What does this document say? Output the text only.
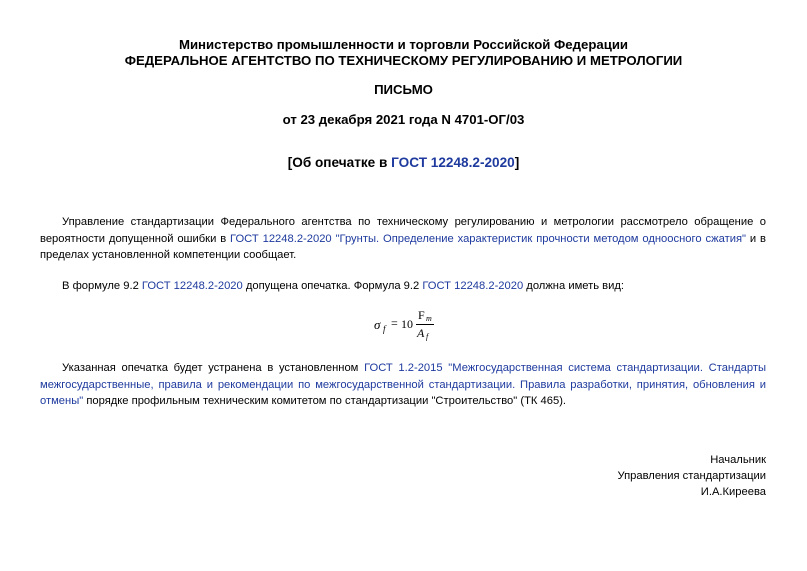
Министерство промышленности и торговли Российской Федерации
ФЕДЕРАЛЬНОЕ АГЕНТСТВО ПО ТЕХНИЧЕСКОМУ РЕГУЛИРОВАНИЮ И МЕТРОЛОГИИ
ПИСЬМО
от 23 декабря 2021 года N 4701-ОГ/03
[Об опечатке в ГОСТ 12248.2-2020]
Управление стандартизации Федерального агентства по техническому регулированию и метрологии рассмотрело обращение о вероятности допущенной ошибки в ГОСТ 12248.2-2020 "Грунты. Определение характеристик прочности методом одноосного сжатия" и в пределах установленной компетенции сообщает.
В формуле 9.2 ГОСТ 12248.2-2020 допущена опечатка. Формула 9.2 ГОСТ 12248.2-2020 должна иметь вид:
σ f = 10
F m
A f
Указанная опечатка будет устранена в установленном ГОСТ 1.2-2015 "Межгосударственная система стандартизации. Стандарты межгосударственные, правила и рекомендации по межгосударственной стандартизации. Правила разработки, принятия, обновления и отмены" порядке профильным техническим комитетом по стандартизации "Строительство" (ТК 465).
Начальник
Управления стандартизации
И.А.Киреева
